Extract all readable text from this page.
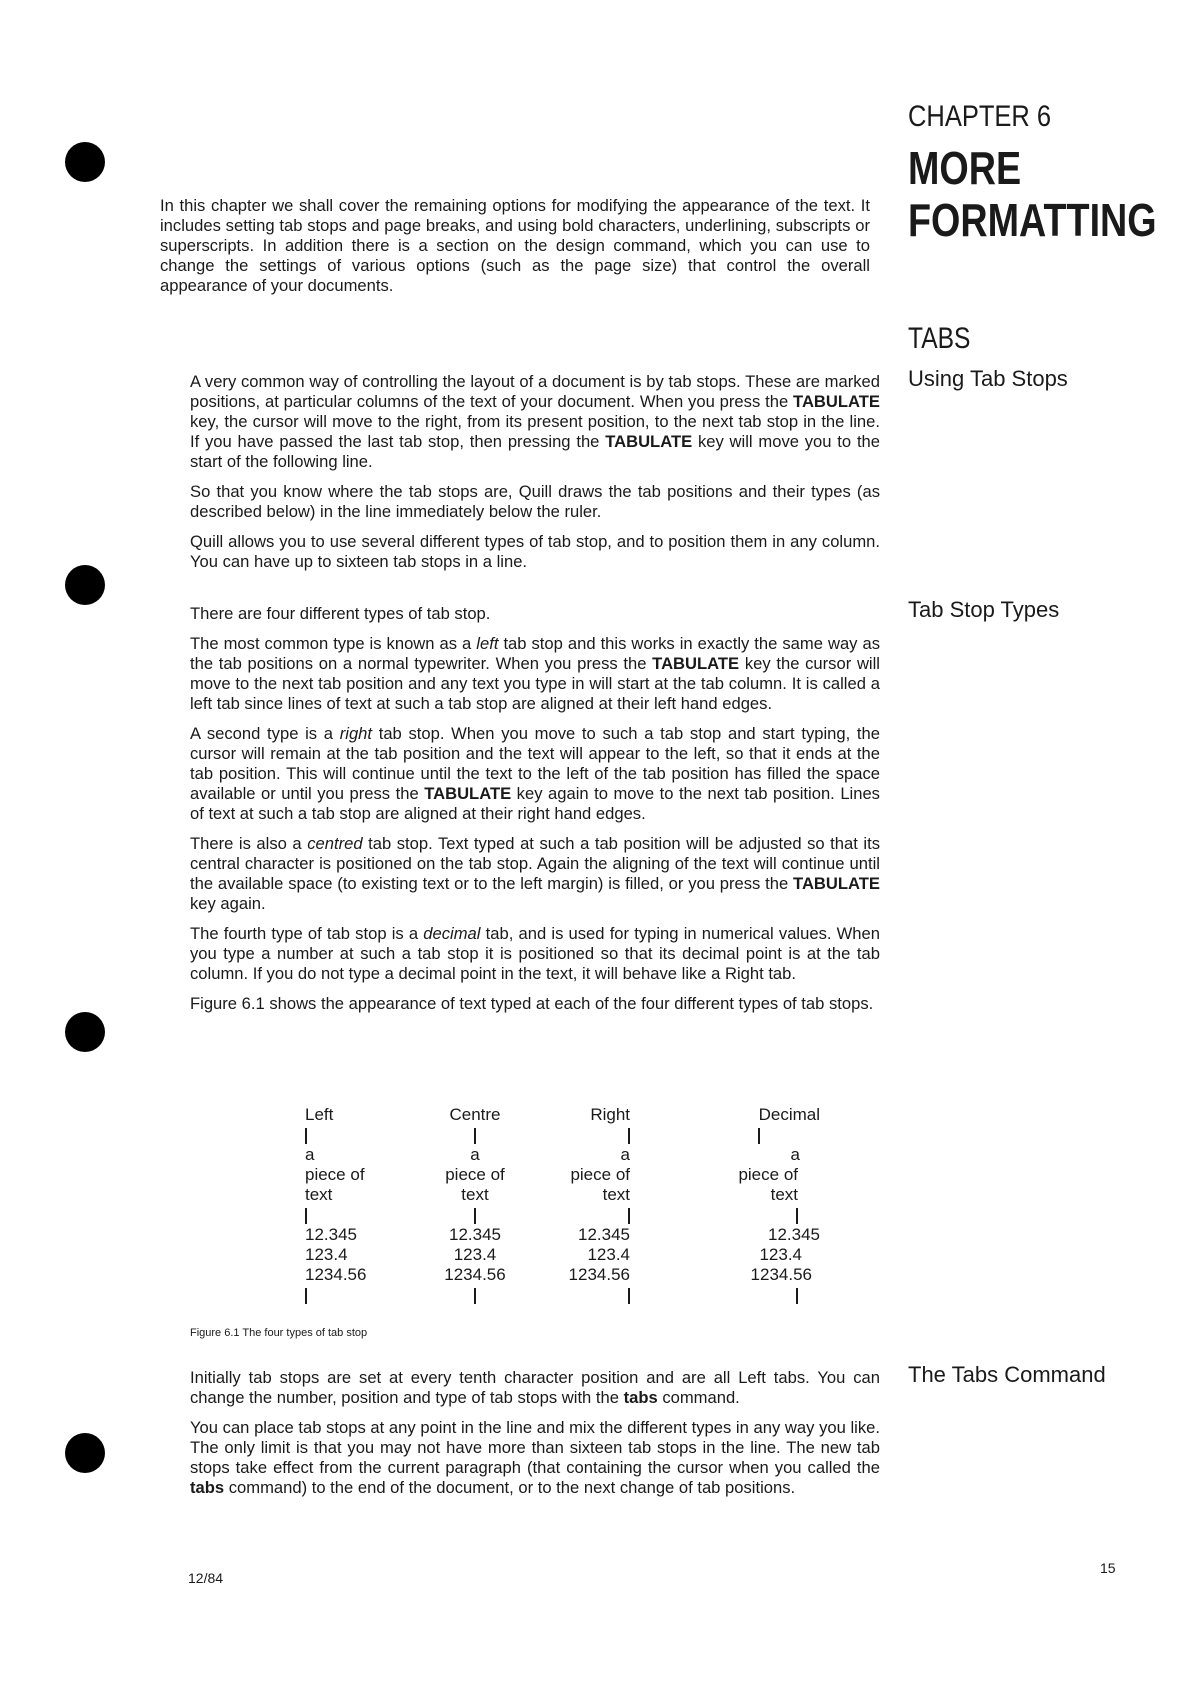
CHAPTER 6
MORE
FORMATTING

In this chapter we shall cover the remaining options for modifying the appearance of the text. It includes setting tab stops and page breaks, and using bold characters, underlining, subscripts or superscripts. In addition there is a section on the design command, which you can use to change the settings of various options (such as the page size) that control the overall appearance of your documents.

TABS
Using Tab Stops
Tab Stop Types
The Tabs Command

A very common way of controlling the layout of a document is by tab stops. These are marked positions, at particular columns of the text of your document. When you press the TABULATE key, the cursor will move to the right, from its present position, to the next tab stop in the line. If you have passed the last tab stop, then pressing the TABULATE key will move you to the start of the following line.

So that you know where the tab stops are, Quill draws the tab positions and their types (as described below) in the line immediately below the ruler.

Quill allows you to use several different types of tab stop, and to position them in any column. You can have up to sixteen tab stops in a line.

There are four different types of tab stop.

The most common type is known as a left tab stop and this works in exactly the same way as the tab positions on a normal typewriter. When you press the TABULATE key the cursor will move to the next tab position and any text you type in will start at the tab column. It is called a left tab since lines of text at such a tab stop are aligned at their left hand edges.

A second type is a right tab stop. When you move to such a tab stop and start typing, the cursor will remain at the tab position and the text will appear to the left, so that it ends at the tab position. This will continue until the text to the left of the tab position has filled the space available or until you press the TABULATE key again to move to the next tab position. Lines of text at such a tab stop are aligned at their right hand edges.

There is also a centred tab stop. Text typed at such a tab position will be adjusted so that its central character is positioned on the tab stop. Again the aligning of the text will continue until the available space (to existing text or to the left margin) is filled, or you press the TABULATE key again.

The fourth type of tab stop is a decimal tab, and is used for typing in numerical values. When you type a number at such a tab stop it is positioned so that its decimal point is at the tab column. If you do not type a decimal point in the text, it will behave like a Right tab.

Figure 6.1 shows the appearance of text typed at each of the four different types of tab stops.

Left
a
piece of
text
12.345
123.4
1234.56
Centre
a
piece of
text
12.345
123.4
1234.56
Right
a
piece of
text
12.345
123.4
1234.56
Decimal
a
piece of
text
12.345
123.4
1234.56
Figure 6.1 The four types of tab stop

Initially tab stops are set at every tenth character position and are all Left tabs. You can change the number, position and type of tab stops with the tabs command.

You can place tab stops at any point in the line and mix the different types in any way you like. The only limit is that you may not have more than sixteen tab stops in the line. The new tab stops take effect from the current paragraph (that containing the cursor when you called the tabs command) to the end of the document, or to the next change of tab positions.

12/84
15
